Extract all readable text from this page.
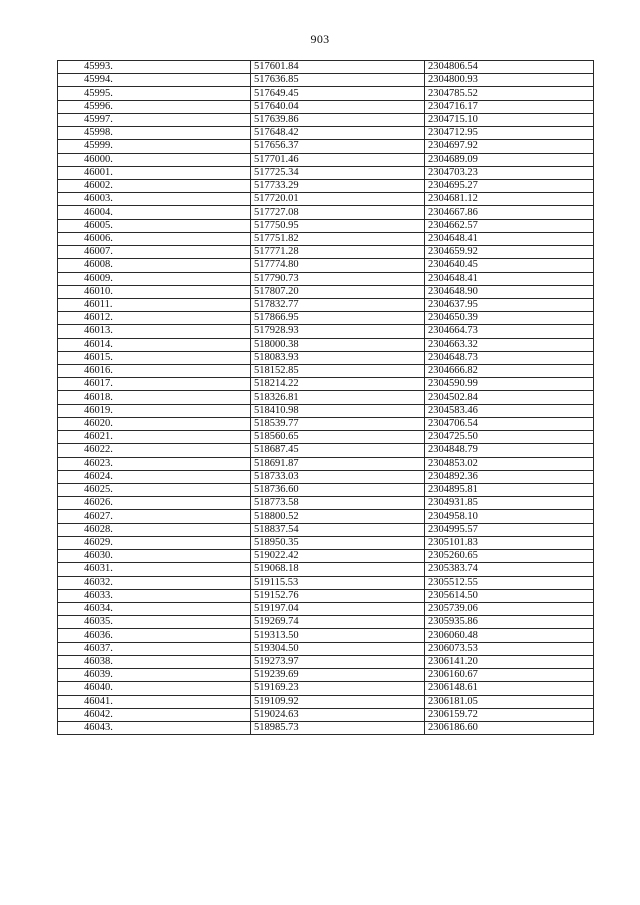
903
45993.	517601.84	2304806.54
45994.	517636.85	2304800.93
45995.	517649.45	2304785.52
45996.	517640.04	2304716.17
45997.	517639.86	2304715.10
45998.	517648.42	2304712.95
45999.	517656.37	2304697.92
46000.	517701.46	2304689.09
46001.	517725.34	2304703.23
46002.	517733.29	2304695.27
46003.	517720.01	2304681.12
46004.	517727.08	2304667.86
46005.	517750.95	2304662.57
46006.	517751.82	2304648.41
46007.	517771.28	2304659.92
46008.	517774.80	2304640.45
46009.	517790.73	2304648.41
46010.	517807.20	2304648.90
46011.	517832.77	2304637.95
46012.	517866.95	2304650.39
46013.	517928.93	2304664.73
46014.	518000.38	2304663.32
46015.	518083.93	2304648.73
46016.	518152.85	2304666.82
46017.	518214.22	2304590.99
46018.	518326.81	2304502.84
46019.	518410.98	2304583.46
46020.	518539.77	2304706.54
46021.	518560.65	2304725.50
46022.	518687.45	2304848.79
46023.	518691.87	2304853.02
46024.	518733.03	2304892.36
46025.	518736.60	2304895.81
46026.	518773.58	2304931.85
46027.	518800.52	2304958.10
46028.	518837.54	2304995.57
46029.	518950.35	2305101.83
46030.	519022.42	2305260.65
46031.	519068.18	2305383.74
46032.	519115.53	2305512.55
46033.	519152.76	2305614.50
46034.	519197.04	2305739.06
46035.	519269.74	2305935.86
46036.	519313.50	2306060.48
46037.	519304.50	2306073.53
46038.	519273.97	2306141.20
46039.	519239.69	2306160.67
46040.	519169.23	2306148.61
46041.	519109.92	2306181.05
46042.	519024.63	2306159.72
46043.	518985.73	2306186.60
